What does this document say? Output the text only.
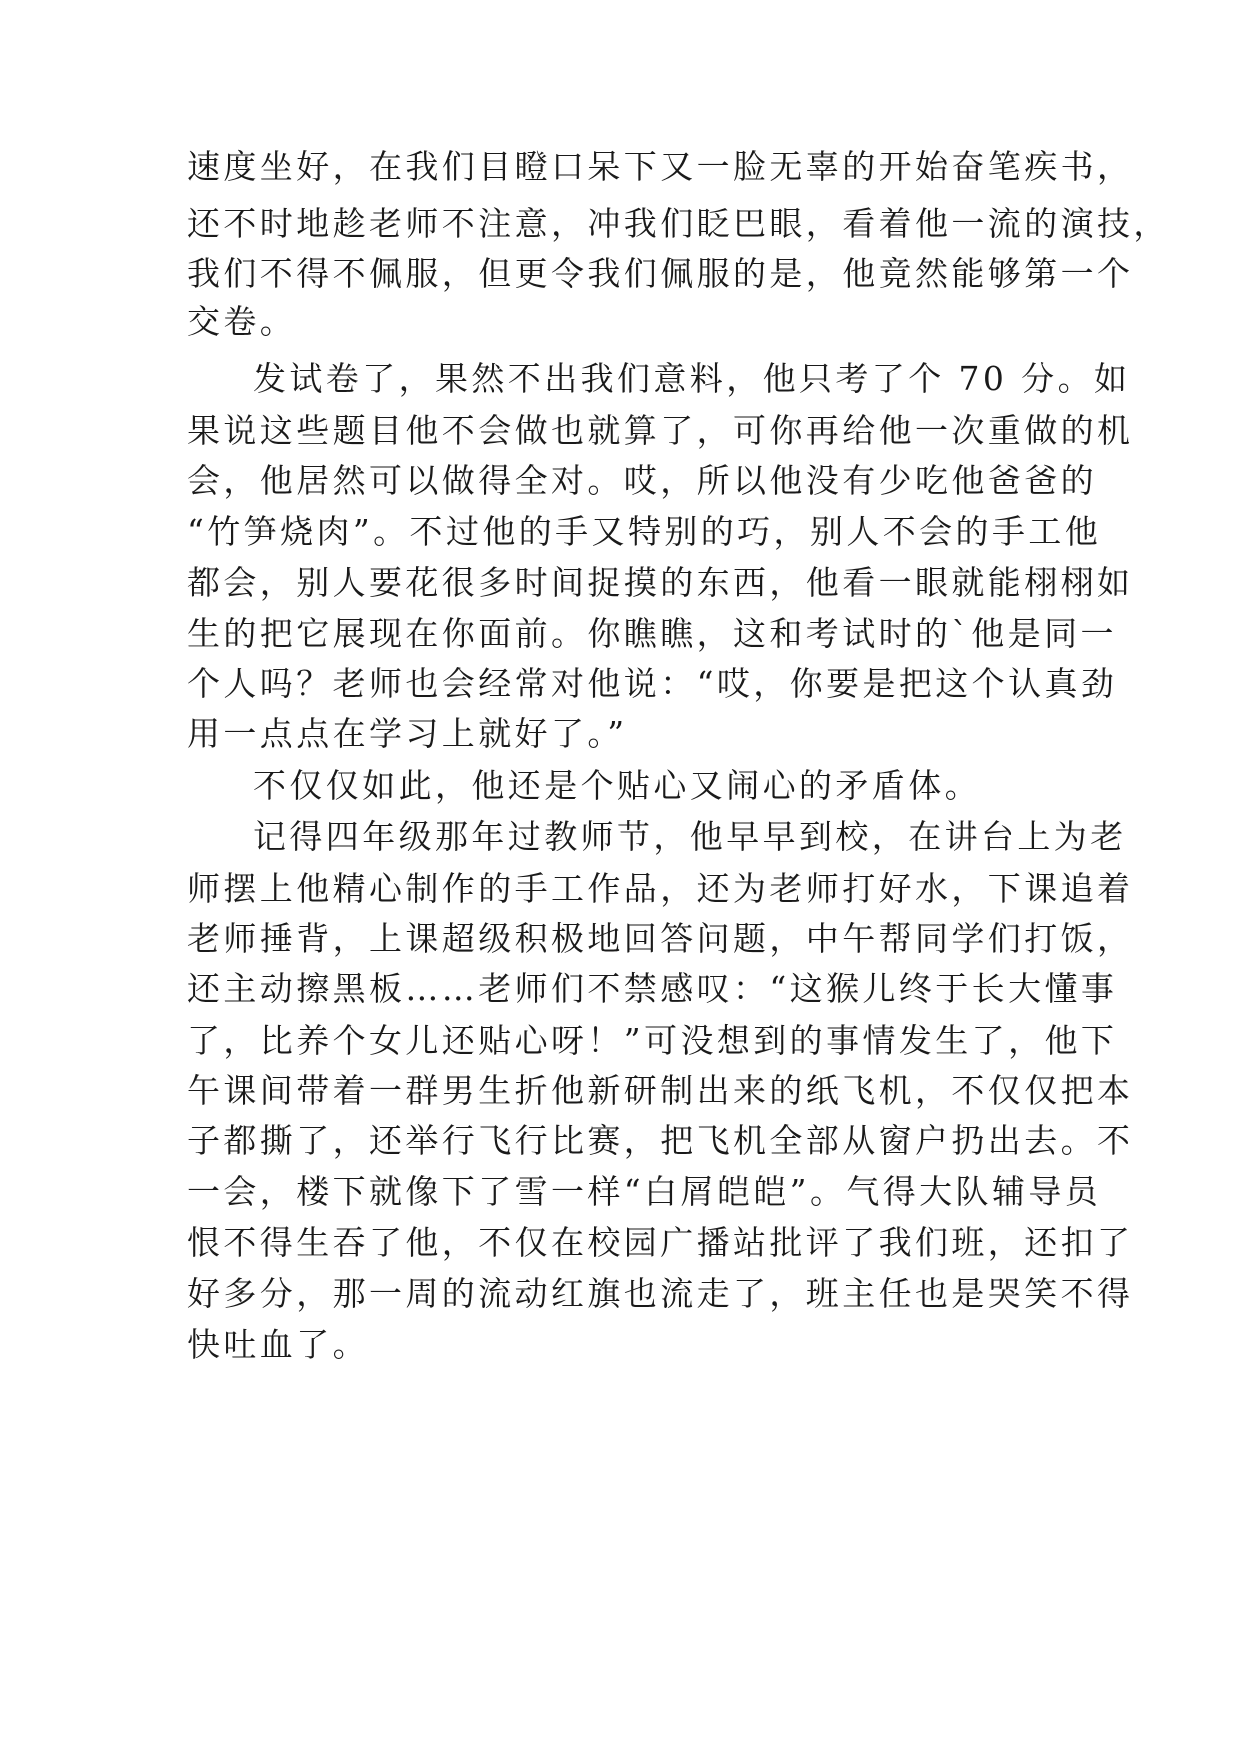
速度坐好，在我们目瞪口呆下又一脸无辜的开始奋笔疾书，
还不时地趁老师不注意，冲我们眨巴眼，看着他一流的演技，
我们不得不佩服，但更令我们佩服的是，他竟然能够第一个
交卷。
发试卷了，果然不出我们意料，他只考了个 70 分。如
果说这些题目他不会做也就算了，可你再给他一次重做的机
会，他居然可以做得全对。哎，所以他没有少吃他爸爸的
“竹笋烧肉”。不过他的手又特别的巧，别人不会的手工他
都会，别人要花很多时间捉摸的东西，他看一眼就能栩栩如
生的把它展现在你面前。你瞧瞧，这和考试时的`他是同一
个人吗？老师也会经常对他说：“哎，你要是把这个认真劲
用一点点在学习上就好了。”
不仅仅如此，他还是个贴心又闹心的矛盾体。
记得四年级那年过教师节，他早早到校，在讲台上为老
师摆上他精心制作的手工作品，还为老师打好水，下课追着
老师捶背，上课超级积极地回答问题，中午帮同学们打饭，
还主动擦黑板……老师们不禁感叹：“这猴儿终于长大懂事
了，比养个女儿还贴心呀！”可没想到的事情发生了，他下
午课间带着一群男生折他新研制出来的纸飞机，不仅仅把本
子都撕了，还举行飞行比赛，把飞机全部从窗户扔出去。不
一会，楼下就像下了雪一样“白屑皑皑”。气得大队辅导员
恨不得生吞了他，不仅在校园广播站批评了我们班，还扣了
好多分，那一周的流动红旗也流走了，班主任也是哭笑不得
快吐血了。
